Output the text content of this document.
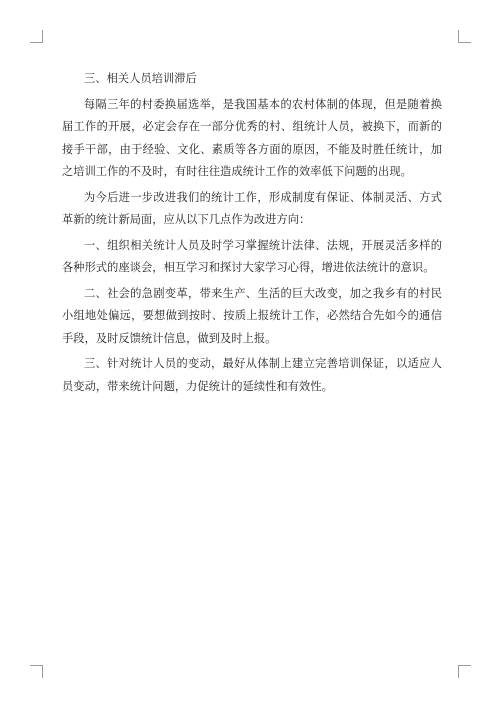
三、相关人员培训滞后

每隔三年的村委换届选举，是我国基本的农村体制的体现，但是随着换届工作的开展，必定会存在一部分优秀的村、组统计人员，被换下，而新的接手干部，由于经验、文化、素质等各方面的原因，不能及时胜任统计，加之培训工作的不及时，有时往往造成统计工作的效率低下问题的出现。

为今后进一步改进我们的统计工作，形成制度有保证、体制灵活、方式革新的统计新局面，应从以下几点作为改进方向：

一、组织相关统计人员及时学习掌握统计法律、法规，开展灵活多样的各种形式的座谈会，相互学习和探讨大家学习心得，增进依法统计的意识。

二、社会的急剧变革，带来生产、生活的巨大改变，加之我乡有的村民小组地处偏远，要想做到按时、按质上报统计工作，必然结合先如今的通信手段，及时反馈统计信息，做到及时上报。

三、针对统计人员的变动，最好从体制上建立完善培训保证，以适应人员变动，带来统计问题，力促统计的延续性和有效性。
